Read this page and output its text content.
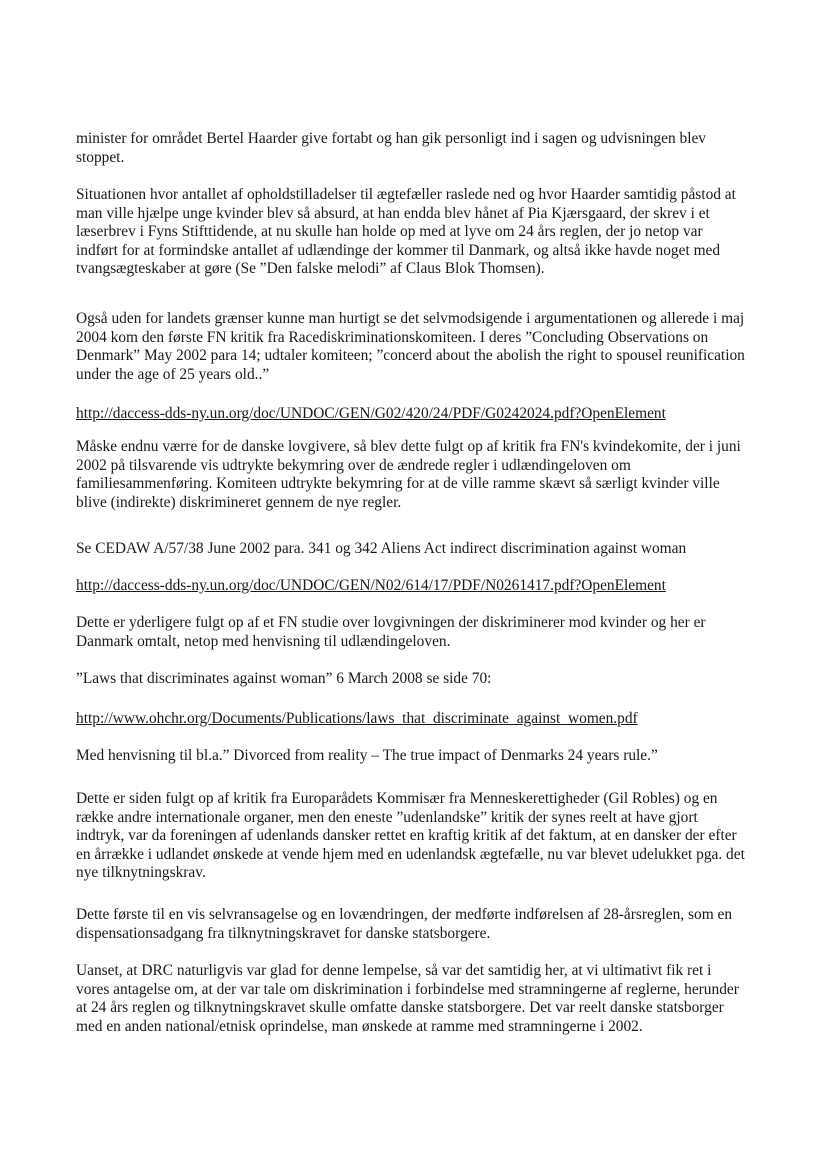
minister for området Bertel Haarder give fortabt og han gik personligt ind i sagen og udvisningen blev stoppet.

Situationen hvor antallet af opholdstilladelser til ægtefæller raslede ned og hvor Haarder samtidig påstod at man ville hjælpe unge kvinder blev så absurd, at han endda blev hånet af Pia Kjærsgaard, der skrev i et læserbrev i Fyns Stifttidende, at nu skulle han holde op med at lyve om 24 års reglen, der jo netop var indført for at formindske antallet af udlændinge der kommer til Danmark, og altså ikke havde noget med tvangsægteskaber at gøre (Se ”Den falske melodi” af Claus Blok Thomsen).

Også uden for landets grænser kunne man hurtigt se det selvmodsigende i argumentationen og allerede i maj 2004 kom den første FN kritik fra Racediskriminationskomiteen. I deres ”Concluding Observations on Denmark” May 2002 para 14; udtaler komiteen; ”concerd about the abolish the right to spousel reunification under the age of 25 years old..”

http://daccess-dds-ny.un.org/doc/UNDOC/GEN/G02/420/24/PDF/G0242024.pdf?OpenElement

Måske endnu værre for de danske lovgivere, så blev dette fulgt op af kritik fra FN's kvindekomite, der i juni 2002 på tilsvarende vis udtrykte bekymring over de ændrede regler i udlændingeloven om familiesammenføring. Komiteen udtrykte bekymring for at de ville ramme skævt så særligt kvinder ville blive (indirekte) diskrimineret gennem de nye regler.

Se CEDAW A/57/38 June 2002 para. 341 og 342 Aliens Act indirect discrimination against woman

http://daccess-dds-ny.un.org/doc/UNDOC/GEN/N02/614/17/PDF/N0261417.pdf?OpenElement

Dette er yderligere fulgt op af et FN studie over lovgivningen der diskriminerer mod kvinder og her er Danmark omtalt, netop med henvisning til udlændingeloven.

”Laws that discriminates against woman” 6 March 2008 se side 70:

http://www.ohchr.org/Documents/Publications/laws_that_discriminate_against_women.pdf

Med henvisning til bl.a.” Divorced from reality – The true impact of Denmarks 24 years rule.”

Dette er siden fulgt op af kritik fra Europarådets Kommisær fra Menneskerettigheder (Gil Robles) og en række andre internationale organer, men den eneste ”udenlandske” kritik der synes reelt at have gjort indtryk, var da foreningen af udenlands dansker rettet en kraftig kritik af det faktum, at en dansker der efter en årrække i udlandet ønskede at vende hjem med en udenlandsk ægtefælle, nu var blevet udelukket pga. det nye tilknytningskrav.

Dette første til en vis selvransagelse og en lovændringen, der medførte indførelsen af 28-årsreglen, som en dispensationsadgang fra tilknytningskravet for danske statsborgere.

Uanset, at DRC naturligvis var glad for denne lempelse, så var det samtidig her, at vi ultimativt fik ret i vores antagelse om, at der var tale om diskrimination i forbindelse med stramningerne af reglerne, herunder at 24 års reglen og tilknytningskravet skulle omfatte danske statsborgere. Det var reelt danske statsborger med en anden national/etnisk oprindelse, man ønskede at ramme med stramningerne i 2002.
